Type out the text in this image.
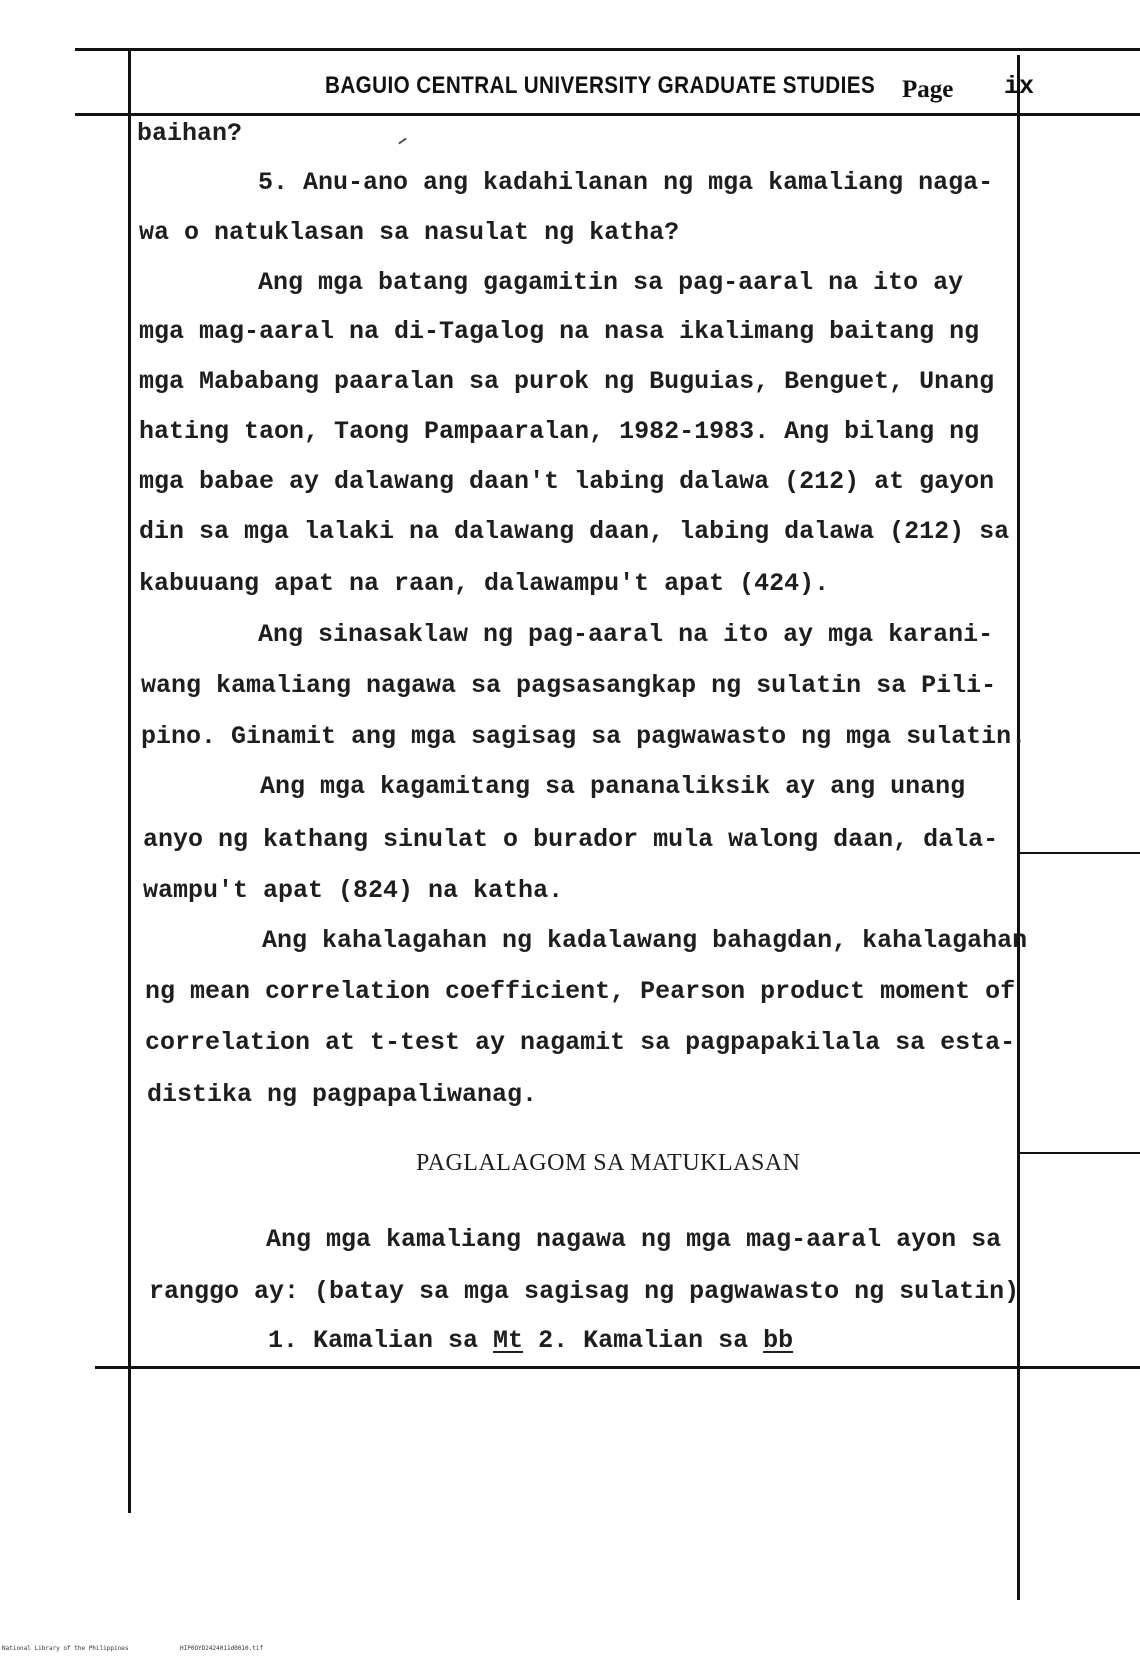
BAGUIO CENTRAL UNIVERSITY GRADUATE STUDIES Page ix
baihan?
5. Anu-ano ang kadahilanan ng mga kamaliang naga-
wa o natuklasan sa nasulat ng katha?
Ang mga batang gagamitin sa pag-aaral na ito ay
mga mag-aaral na di-Tagalog na nasa ikalimang baitang ng
mga Mababang paaralan sa purok ng Buguias, Benguet, Unang
hating taon, Taong Pampaaralan, 1982-1983. Ang bilang ng
mga babae ay dalawang daan't labing dalawa (212) at gayon
din sa mga lalaki na dalawang daan, labing dalawa (212) sa
kabuuang apat na raan, dalawampu't apat (424).
Ang sinasaklaw ng pag-aaral na ito ay mga karani-
wang kamaliang nagawa sa pagsasangkap ng sulatin sa Pili-
pino. Ginamit ang mga sagisag sa pagwawasto ng mga sulatin.
Ang mga kagamitang sa pananaliksik ay ang unang
anyo ng kathang sinulat o burador mula walong daan, dala-
wampu't apat (824) na katha.
Ang kahalagahan ng kadalawang bahagdan, kahalagahan
ng mean correlation coefficient, Pearson product moment of
correlation at t-test ay nagamit sa pagpapakilala sa esta-
distika ng pagpapaliwanag.
PAGLALAGOM SA MATUKLASAN
Ang mga kamaliang nagawa ng mga mag-aaral ayon sa
ranggo ay: (batay sa mga sagisag ng pagwawasto ng sulatin)
1. Kamalian sa Mt 2. Kamalian sa bb
National Library of the Philippines	HIP0OYD2424011d0010.tif
